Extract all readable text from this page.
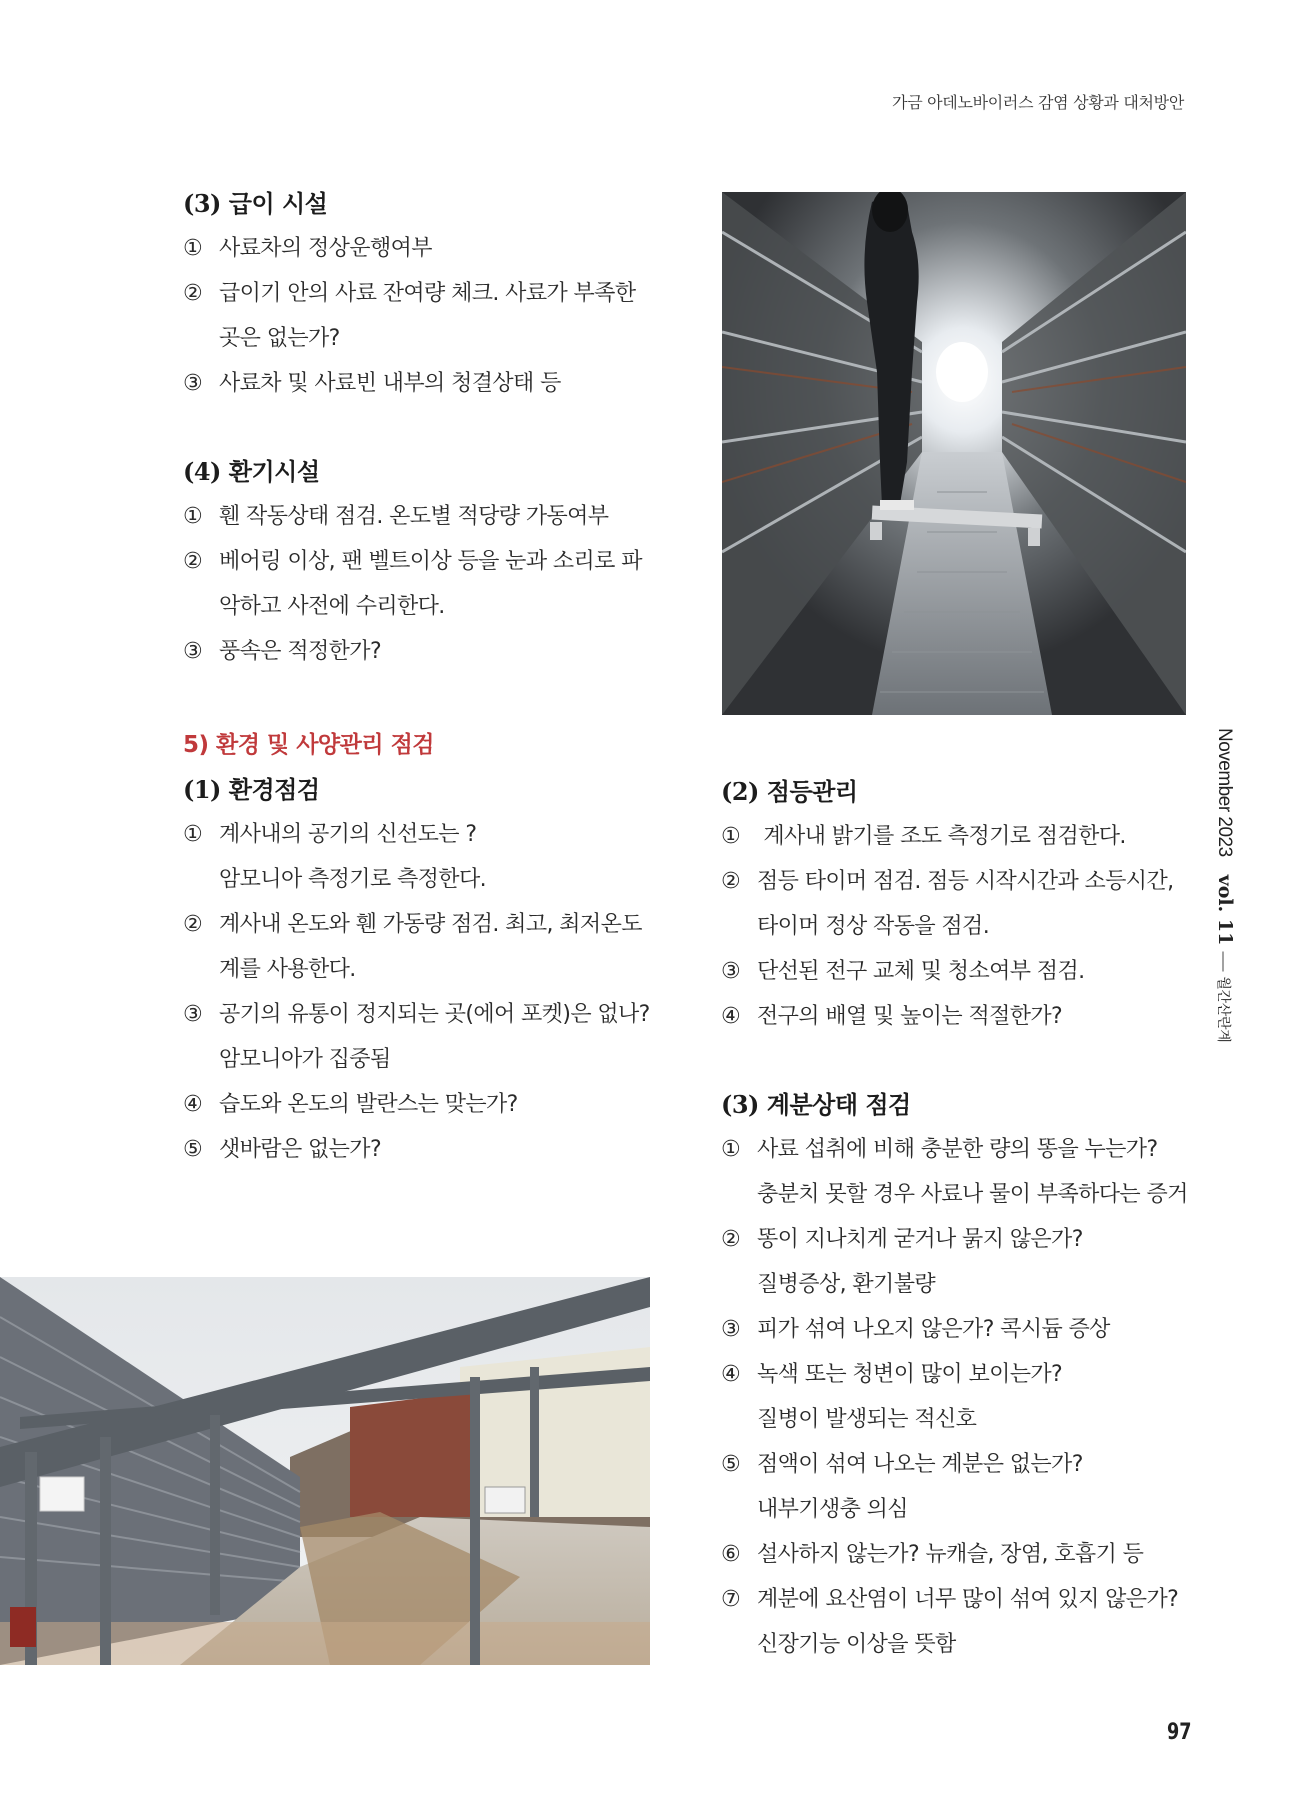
가금 아데노바이러스 감염 상황과 대처방안
(3) 급이 시설
① 사료차의 정상운행여부
② 급이기 안의 사료 잔여량 체크. 사료가 부족한
곳은 없는가?
③ 사료차 및 사료빈 내부의 청결상태 등
(4) 환기시설
① 휀 작동상태 점검. 온도별 적당량 가동여부
② 베어링 이상, 팬 벨트이상 등을 눈과 소리로 파
악하고 사전에 수리한다.
③ 풍속은 적정한가?
5) 환경 및 사양관리 점검
(1) 환경점검
① 계사내의 공기의 신선도는 ?
암모니아 측정기로 측정한다.
② 계사내 온도와 휀 가동량 점검. 최고, 최저온도
계를 사용한다.
③ 공기의 유통이 정지되는 곳(에어 포켓)은 없나?
암모니아가 집중됨
④ 습도와 온도의 발란스는 맞는가?
⑤ 샛바람은 없는가?
(2) 점등관리
① 계사내 밝기를 조도 측정기로 점검한다.
② 점등 타이머 점검. 점등 시작시간과 소등시간,
타이머 정상 작동을 점검.
③ 단선된 전구 교체 및 청소여부 점검.
④ 전구의 배열 및 높이는 적절한가?
(3) 계분상태 점검
① 사료 섭취에 비해 충분한 량의 똥을 누는가?
충분치 못할 경우 사료나 물이 부족하다는 증거
② 똥이 지나치게 굳거나 묽지 않은가?
질병증상, 환기불량
③ 피가 섞여 나오지 않은가? 콕시듐 증상
④ 녹색 또는 청변이 많이 보이는가?
질병이 발생되는 적신호
⑤ 점액이 섞여 나오는 계분은 없는가?
내부기생충 의심
⑥ 설사하지 않는가? 뉴캐슬, 장염, 호흡기 등
⑦ 계분에 요산염이 너무 많이 섞여 있지 않은가?
신장기능 이상을 뜻함
November 2023vol. 11월간산란계
97
